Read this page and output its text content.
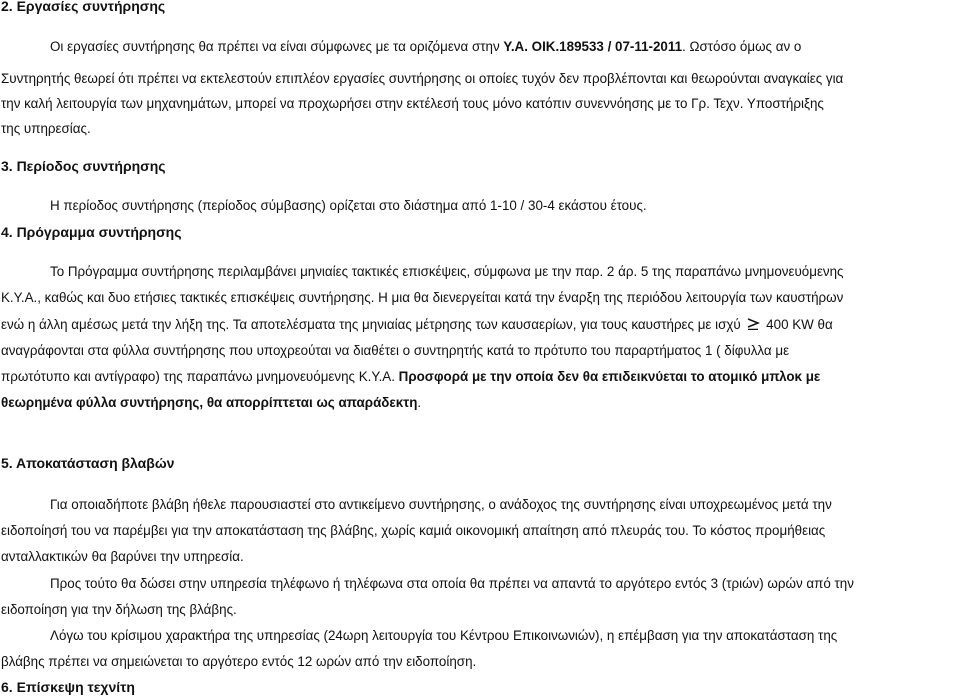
2. Εργασίες συντήρησης
Οι εργασίες συντήρησης θα πρέπει να είναι σύμφωνες με τα οριζόμενα στην Υ.Α. ΟΙΚ.189533 / 07-11-2011. Ωστόσο όμως αν ο
Συντηρητής θεωρεί ότι πρέπει να εκτελεστούν επιπλέον εργασίες συντήρησης οι οποίες τυχόν δεν προβλέπονται και θεωρούνται αναγκαίες για
την καλή λειτουργία των μηχανημάτων, μπορεί να προχωρήσει στην εκτέλεσή τους μόνο κατόπιν συνεννόησης με το Γρ. Τεχν. Υποστήριξης
της υπηρεσίας.
3. Περίοδος συντήρησης
Η περίοδος συντήρησης (περίοδος σύμβασης) ορίζεται στο διάστημα από 1-10 / 30-4 εκάστου έτους.
4. Πρόγραμμα συντήρησης
Το Πρόγραμμα συντήρησης περιλαμβάνει μηνιαίες τακτικές επισκέψεις, σύμφωνα με την παρ. 2 άρ. 5 της παραπάνω μνημονευόμενης
Κ.Υ.Α., καθώς και δυο ετήσιες τακτικές επισκέψεις συντήρησης. Η μια θα διενεργείται κατά την έναρξη της περιόδου λειτουργία των καυστήρων
ενώ η άλλη αμέσως μετά την λήξη της. Τα αποτελέσματα της μηνιαίας μέτρησης των καυσαερίων, για τους καυστήρες με ισχύ 400 KW θα
αναγράφονται στα φύλλα συντήρησης που υποχρεούται να διαθέτει ο συντηρητής κατά το πρότυπο του παραρτήματος 1 ( δίφυλλα με
πρωτότυπο και αντίγραφο) της παραπάνω μνημονευόμενης Κ.Υ.Α. Προσφορά με την οποία δεν θα επιδεικνύεται το ατομικό μπλοκ με
θεωρημένα φύλλα συντήρησης, θα απορρίπτεται ως απαράδεκτη.
5. Αποκατάσταση βλαβών
Για οποιαδήποτε βλάβη ήθελε παρουσιαστεί στο αντικείμενο συντήρησης, ο ανάδοχος της συντήρησης είναι υποχρεωμένος μετά την
ειδοποίησή του να παρέμβει για την αποκατάσταση της βλάβης, χωρίς καμιά οικονομική απαίτηση από πλευράς του. Το κόστος προμήθειας
ανταλλακτικών θα βαρύνει την υπηρεσία.
Προς τούτο θα δώσει στην υπηρεσία τηλέφωνο ή τηλέφωνα στα οποία θα πρέπει να απαντά το αργότερο εντός 3 (τριών) ωρών από την
ειδοποίηση για την δήλωση της βλάβης.
Λόγω του κρίσιμου χαρακτήρα της υπηρεσίας (24ωρη λειτουργία του Κέντρου Επικοινωνιών), η επέμβαση για την αποκατάσταση της
βλάβης πρέπει να σημειώνεται το αργότερο εντός 12 ωρών από την ειδοποίηση.
6. Επίσκεψη τεχνίτη
